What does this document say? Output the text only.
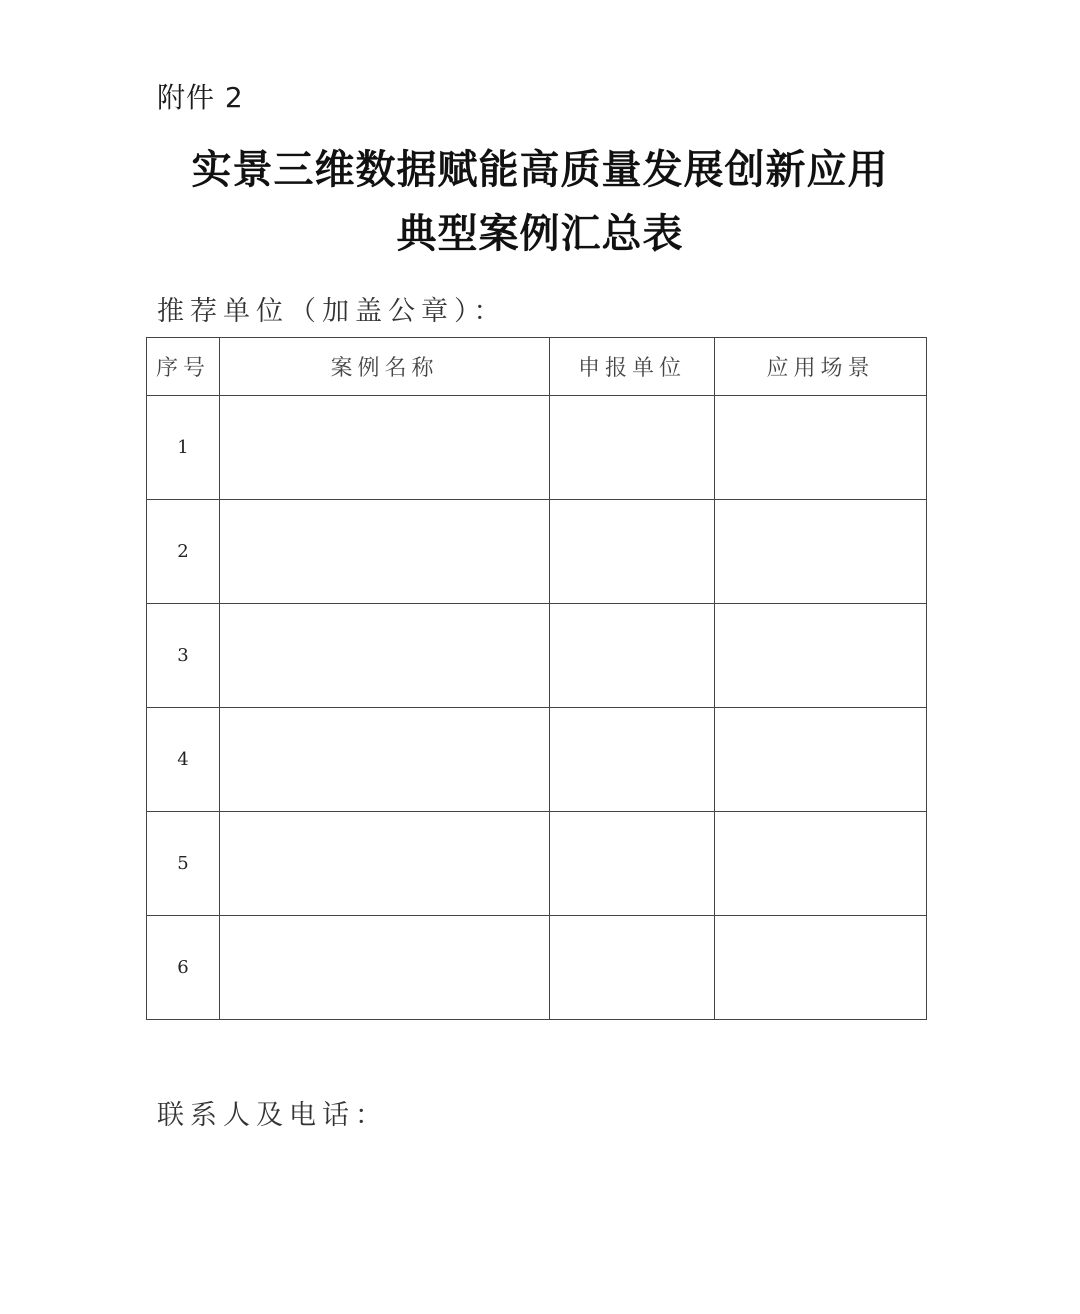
附件 2
实景三维数据赋能高质量发展创新应用
典型案例汇总表
推荐单位（加盖公章）：
序号	案例名称	申报单位	应用场景
1			
2			
3			
4			
5			
6			
联系人及电话：
